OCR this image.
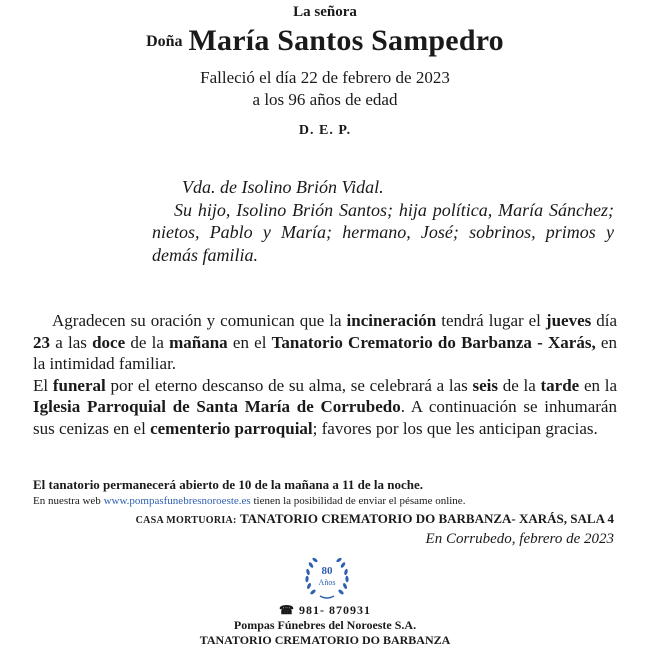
La señora
Doña María Santos Sampedro
Falleció el día 22 de febrero de 2023
a los 96 años de edad
D. E. P.
Vda. de Isolino Brión Vidal.
Su hijo, Isolino Brión Santos; hija política, María Sánchez; nietos, Pablo y María; hermano, José; sobrinos, primos y demás familia.

Agradecen su oración y comunican que la incineración tendrá lugar el jueves día 23 a las doce de la mañana en el Tanatorio Crematorio do Barbanza - Xarás, en la intimidad familiar.

El funeral por el eterno descanso de su alma, se celebrará a las seis de la tarde en la Iglesia Parroquial de Santa María de Corrubedo. A continuación se inhumarán sus cenizas en el cementerio parroquial; favores por los que les anticipan gracias.

El tanatorio permanecerá abierto de 10 de la mañana a 11 de la noche.
En nuestra web www.pompasfunebresnoroeste.es tienen la posibilidad de enviar el pésame online.
CASA MORTUORIA: TANATORIO CREMATORIO DO BARBANZA- XARÁS, SALA 4
En Corrubedo, febrero de 2023
80
Años
☎ 981- 870931
Pompas Fúnebres del Noroeste S.A.
TANATORIO CREMATORIO DO BARBANZA
